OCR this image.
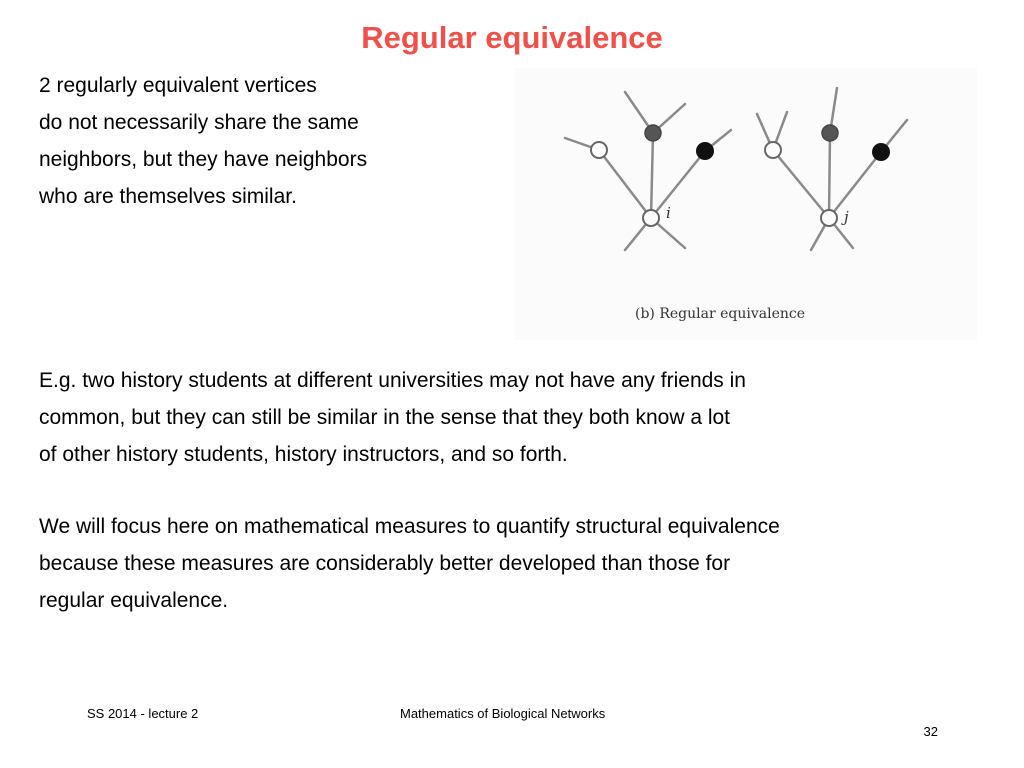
Regular equivalence

2 regularly equivalent vertices
do not necessarily share the same
neighbors, but they have neighbors
who are themselves similar.

i	j
(b) Regular equivalence

E.g. two history students at different universities may not have any friends in
common, but they can still be similar in the sense that they both know a lot
of other history students, history instructors, and so forth.

We will focus here on mathematical measures to quantify structural equivalence
because these measures are considerably better developed than those for
regular equivalence.

SS 2014 - lecture 2	Mathematics of Biological Networks
32
